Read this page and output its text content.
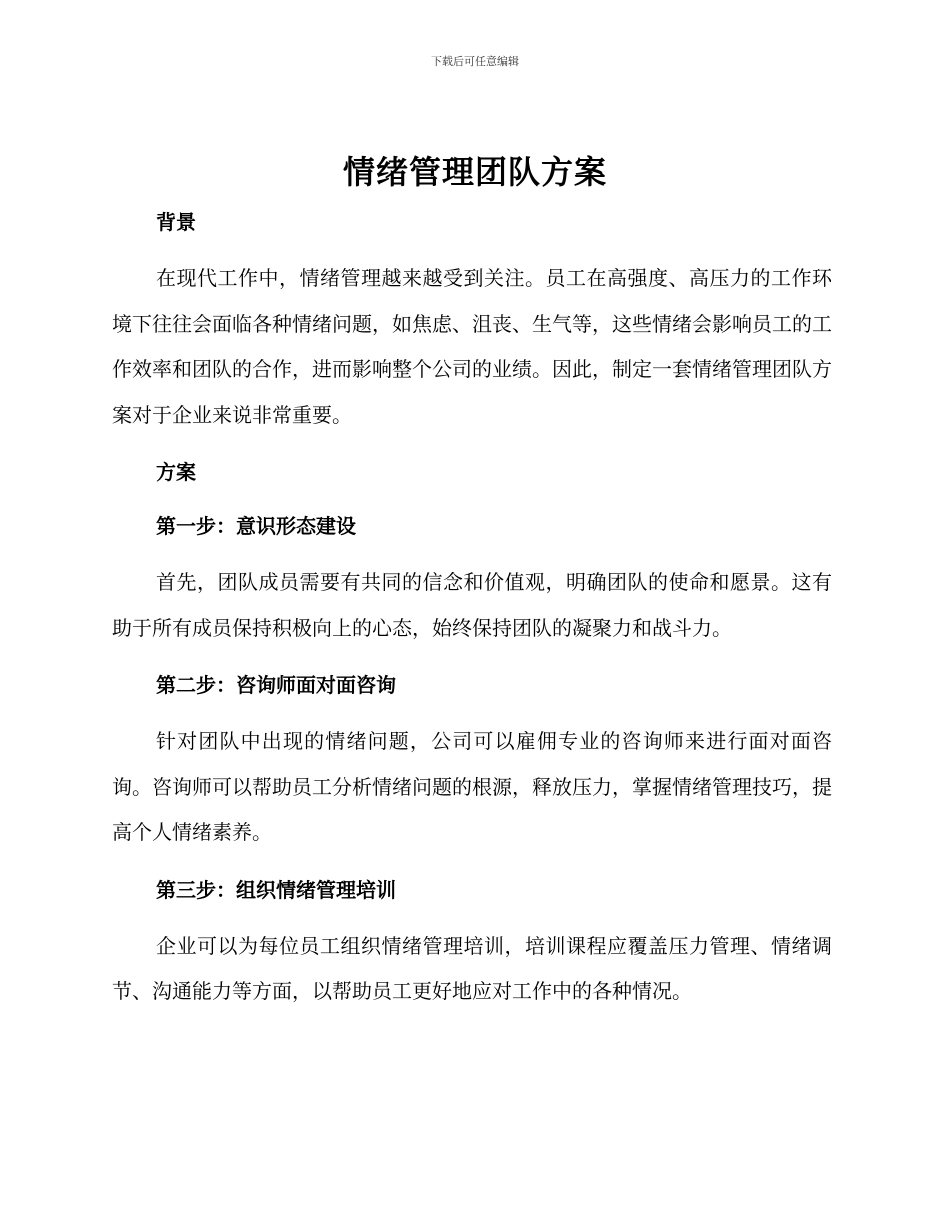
下载后可任意编辑
情绪管理团队方案

背景

在现代工作中，情绪管理越来越受到关注。员工在高强度、高压力的工作环境下往往会面临各种情绪问题，如焦虑、沮丧、生气等，这些情绪会影响员工的工作效率和团队的合作，进而影响整个公司的业绩。因此，制定一套情绪管理团队方案对于企业来说非常重要。

方案

第一步：意识形态建设

首先，团队成员需要有共同的信念和价值观，明确团队的使命和愿景。这有助于所有成员保持积极向上的心态，始终保持团队的凝聚力和战斗力。

第二步：咨询师面对面咨询

针对团队中出现的情绪问题，公司可以雇佣专业的咨询师来进行面对面咨询。咨询师可以帮助员工分析情绪问题的根源，释放压力，掌握情绪管理技巧，提高个人情绪素养。

第三步：组织情绪管理培训

企业可以为每位员工组织情绪管理培训，培训课程应覆盖压力管理、情绪调节、沟通能力等方面，以帮助员工更好地应对工作中的各种情况。
